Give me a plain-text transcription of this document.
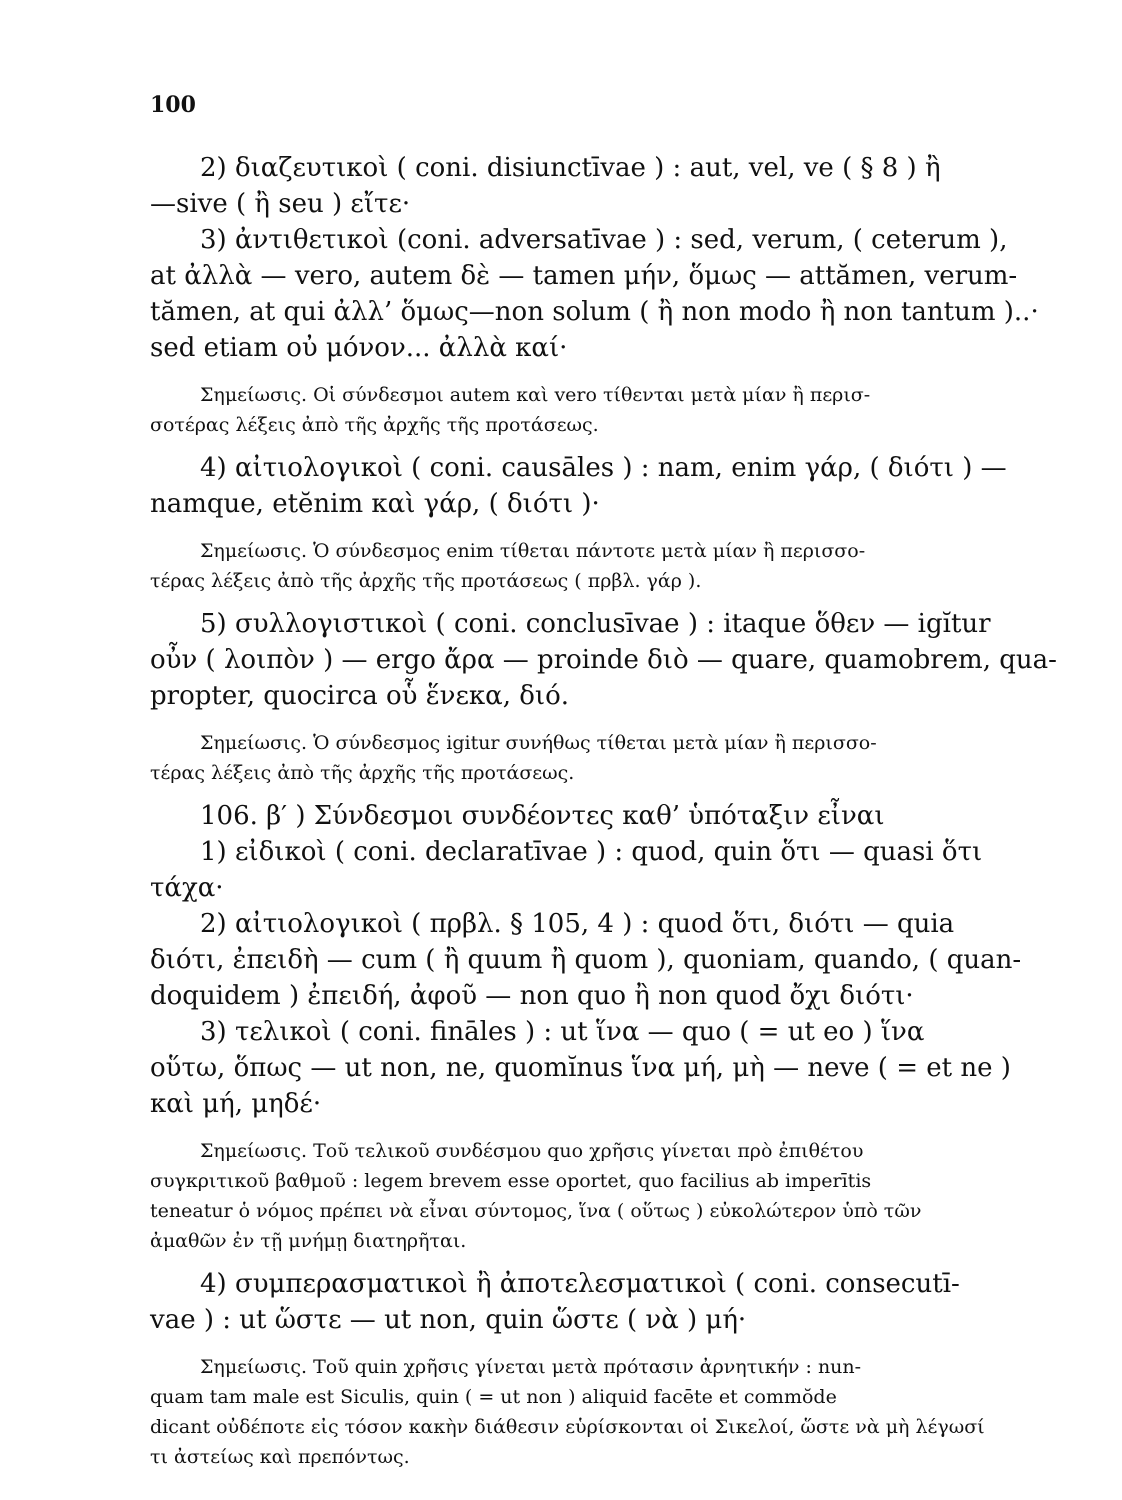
100

2) διαζευτικοὶ ( coni. disiunctīvae ) : aut, vel, ve ( § 8 ) ἢ

—sive ( ἢ seu ) εἴτε·

3) ἀντιθετικοὶ (coni. adversatīvae ) : sed, verum, ( ceterum ),

at ἀλλὰ — vero, autem δὲ — tamen μήν, ὅμως — attămen, verum-

tămen, at qui ἀλλ’ ὅμως—non solum ( ἢ non modo ἢ non tantum )..·

sed etiam οὐ μόνον... ἀλλὰ καί·

Σημείωσις. Οἱ σύνδεσμοι autem καὶ vero τίθενται μετὰ μίαν ἢ περισ-

σοτέρας λέξεις ἀπὸ τῆς ἀρχῆς τῆς προτάσεως.

4) αἰτιολογικοὶ ( coni. causāles ) : nam, enim γάρ, ( διότι ) —

namque, etĕnim καὶ γάρ, ( διότι )·

Σημείωσις. Ὁ σύνδεσμος enim τίθεται πάντοτε μετὰ μίαν ἢ περισσο-

τέρας λέξεις ἀπὸ τῆς ἀρχῆς τῆς προτάσεως ( πρβλ. γάρ ).

5) συλλογιστικοὶ ( coni. conclusīvae ) : itaque ὅθεν — igĭtur

οὖν ( λοιπὸν ) — ergo ἄρα — proinde διὸ — quare, quamobrem, qua-

propter, quocirca οὗ ἕνεκα, διό.

Σημείωσις. Ὁ σύνδεσμος igitur συνήθως τίθεται μετὰ μίαν ἢ περισσο-

τέρας λέξεις ἀπὸ τῆς ἀρχῆς τῆς προτάσεως.

106. β′ ) Σύνδεσμοι συνδέοντες καθ’ ὑπόταξιν εἶναι

1) εἰδικοὶ ( coni. declaratīvae ) : quod, quin ὅτι — quasi ὅτι

τάχα·

2) αἰτιολογικοὶ ( πρβλ. § 105, 4 ) : quod ὅτι, διότι — quia

διότι, ἐπειδὴ — cum ( ἢ quum ἢ quom ), quoniam, quando, ( quan-

doquidem ) ἐπειδή, ἀφοῦ — non quo ἢ non quod ὄχι διότι·

3) τελικοὶ ( coni. fināles ) : ut ἵνα — quo ( = ut eo ) ἵνα

οὕτω, ὅπως — ut non, ne, quomĭnus ἵνα μή, μὴ — neve ( = et ne )

καὶ μή, μηδέ·

Σημείωσις. Τοῦ τελικοῦ συνδέσμου quo χρῆσις γίνεται πρὸ ἐπιθέτου

συγκριτικοῦ βαθμοῦ : legem brevem esse oportet, quo facilius ab imperītis

teneatur ὁ νόμος πρέπει νὰ εἶναι σύντομος, ἵνα ( οὕτως ) εὐκολώτερον ὑπὸ τῶν

ἀμαθῶν ἐν τῇ μνήμῃ διατηρῆται.

4) συμπερασματικοὶ ἢ ἀποτελεσματικοὶ ( coni. consecutī-

vae ) : ut ὥστε — ut non, quin ὥστε ( νὰ ) μή·

Σημείωσις. Τοῦ quin χρῆσις γίνεται μετὰ πρότασιν ἀρνητικήν : nun-

quam tam male est Siculis, quin ( = ut non ) aliquid facēte et commŏde

dicant οὐδέποτε εἰς τόσον κακὴν διάθεσιν εὑρίσκονται οἱ Σικελοί, ὥστε νὰ μὴ λέγωσί

τι ἀστείως καὶ πρεπόντως.
